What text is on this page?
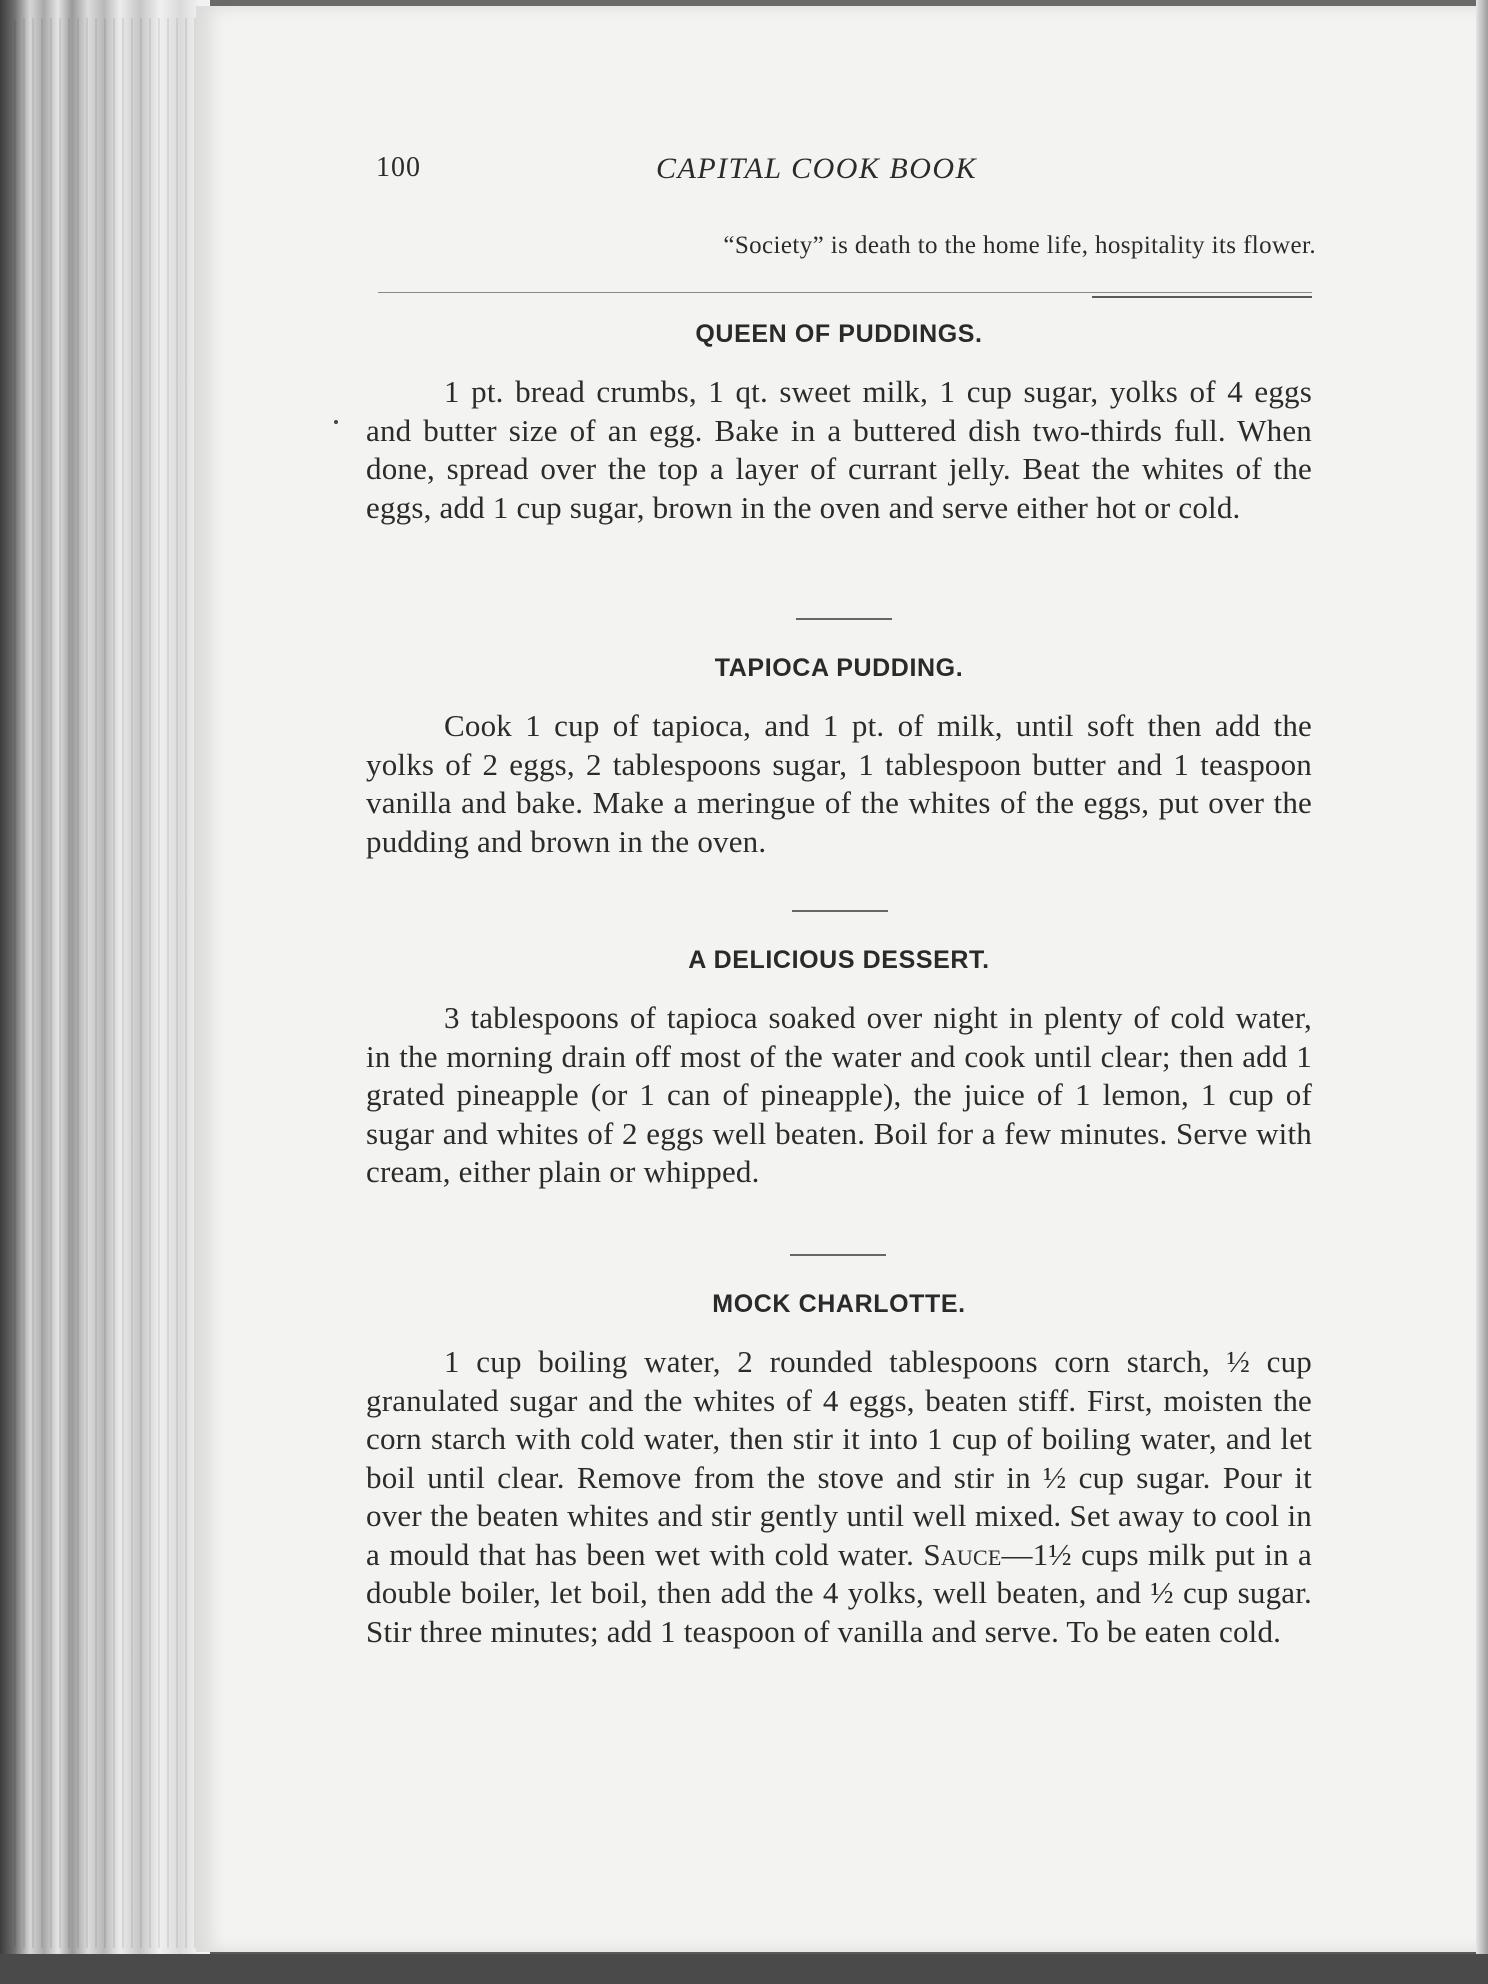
100	CAPITAL COOK BOOK
“Society” is death to the home life, hospitality its flower.
QUEEN OF PUDDINGS.

1 pt. bread crumbs, 1 qt. sweet milk, 1 cup sugar, yolks of 4 eggs and butter size of an egg. Bake in a buttered dish two-thirds full. When done, spread over the top a layer of currant jelly. Beat the whites of the eggs, add 1 cup sugar, brown in the oven and serve either hot or cold.

TAPIOCA PUDDING.

Cook 1 cup of tapioca, and 1 pt. of milk, until soft then add the yolks of 2 eggs, 2 tablespoons sugar, 1 tablespoon butter and 1 teaspoon vanilla and bake. Make a meringue of the whites of the eggs, put over the pudding and brown in the oven.

A DELICIOUS DESSERT.

3 tablespoons of tapioca soaked over night in plenty of cold water, in the morning drain off most of the water and cook until clear; then add 1 grated pineapple (or 1 can of pineapple), the juice of 1 lemon, 1 cup of sugar and whites of 2 eggs well beaten. Boil for a few minutes. Serve with cream, either plain or whipped.

MOCK CHARLOTTE.

1 cup boiling water, 2 rounded tablespoons corn starch, ½ cup granulated sugar and the whites of 4 eggs, beaten stiff. First, moisten the corn starch with cold water, then stir it into 1 cup of boiling water, and let boil until clear. Remove from the stove and stir in ½ cup sugar. Pour it over the beaten whites and stir gently until well mixed. Set away to cool in a mould that has been wet with cold water. Sauce—1½ cups milk put in a double boiler, let boil, then add the 4 yolks, well beaten, and ½ cup sugar. Stir three minutes; add 1 teaspoon of vanilla and serve. To be eaten cold.
